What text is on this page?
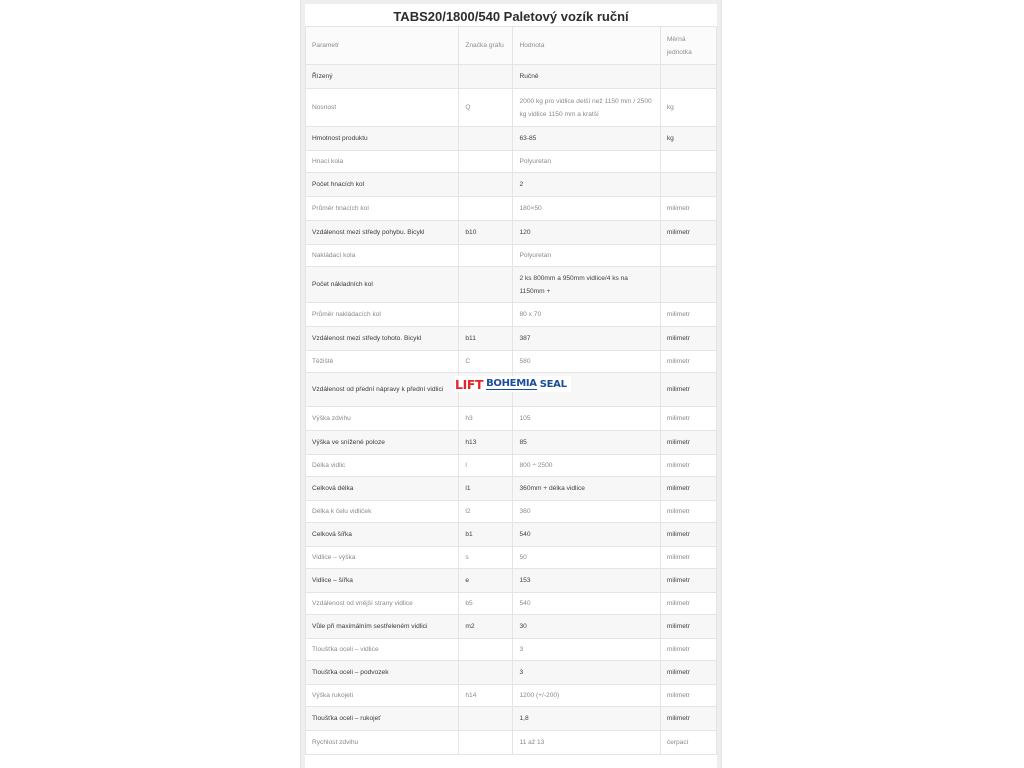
TABS20/1800/540 Paletový vozík ruční
Parametr	Značka grafu	Hodnota	Měrná jednotka
Řízený		Ručně	
Nosnost	Q	2000 kg pro vidlice delší než 1150 mm / 2500 kg vidlice 1150 mm a kratší	kg
Hmotnost produktu		63-85	kg
Hnací kola		Polyuretan	
Počet hnacích kol		2	
Průměr hnacích kol		180×50	milimetr
Vzdálenost mezi středy pohybu. Bicykl	b10	120	milimetr
Nakládací kola		Polyuretan	
Počet nákladních kol		2 ks 800mm a 950mm vidlice/4 ks na 1150mm +	
Průměr nakládacích kol		80 x 70	milimetr
Vzdálenost mezi středy tohoto. Bicykl	b11	387	milimetr
Těžiště	C	580	milimetr
Vzdálenost od přední nápravy k přední vidlici			milimetr
Výška zdvihu	h3	105	milimetr
Výška ve snížené poloze	h13	85	milimetr
Délka vidlic	l	800 ÷ 2500	milimetr
Celková délka	l1	360mm + délka vidlice	milimetr
Délka k čelu vidliček	l2	360	milimetr
Celková šířka	b1	540	milimetr
Vidlice – výška	s	50	milimetr
Vidlice – šířka	e	153	milimetr
Vzdálenost od vnější strany vidlice	b5	540	milimetr
Vůle při maximálním sestřeleném vidlici	m2	30	milimetr
Tloušťka oceli – vidlice		3	milimetr
Tloušťka oceli – podvozek		3	milimetr
Výška rukojeti	h14	1200 (+/-200)	milimetr
Tloušťka oceli – rukojeť		1,8	milimetr
Rychlost zdvihu		11 až 13	čerpací
LIFT BOHEMIA SEAL
